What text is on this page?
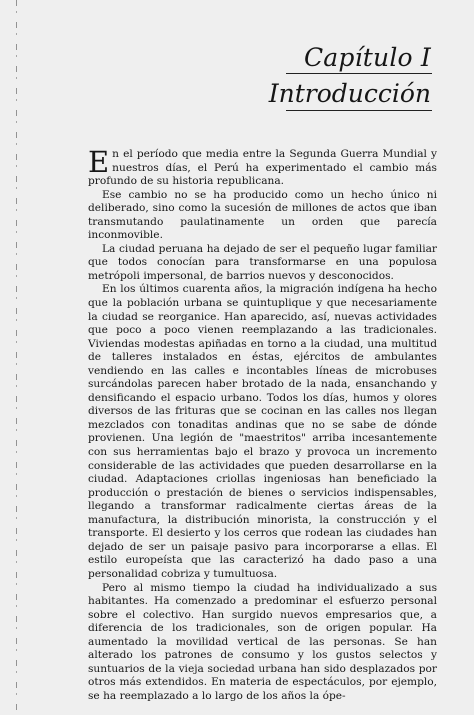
Capítulo I
Introducción

En el período que media entre la Segunda Guerra Mundial y nuestros días, el Perú ha experimentado el cambio más profundo de su historia republicana.

Ese cambio no se ha producido como un hecho único ni deliberado, sino como la sucesión de millones de actos que iban transmutando paulatinamente un orden que parecía inconmovible.

La ciudad peruana ha dejado de ser el pequeño lugar familiar que todos conocían para transformarse en una populosa metrópoli impersonal, de barrios nuevos y desconocidos.

En los últimos cuarenta años, la migración indígena ha hecho que la población urbana se quintuplique y que necesariamente la ciudad se reorganice. Han aparecido, así, nuevas actividades que poco a poco vienen reemplazando a las tradicionales. Viviendas modestas apiñadas en torno a la ciudad, una multitud de talleres instalados en éstas, ejércitos de ambulantes vendiendo en las calles e incontables líneas de microbuses surcándolas parecen haber brotado de la nada, ensanchando y densificando el espacio urbano. Todos los días, humos y olores diversos de las frituras que se cocinan en las calles nos llegan mezclados con tonaditas andinas que no se sabe de dónde provienen. Una legión de "maestritos" arriba incesantemente con sus herramientas bajo el brazo y provoca un incremento considerable de las actividades que pueden desarrollarse en la ciudad. Adaptaciones criollas ingeniosas han beneficiado la producción o prestación de bienes o servicios indispensables, llegando a transformar radicalmente ciertas áreas de la manufactura, la distribución minorista, la construcción y el transporte. El desierto y los cerros que rodean las ciudades han dejado de ser un paisaje pasivo para incorporarse a ellas. El estilo europeísta que las caracterizó ha dado paso a una personalidad cobriza y tumultuosa.

Pero al mismo tiempo la ciudad ha individualizado a sus habitantes. Ha comenzado a predominar el esfuerzo personal sobre el colectivo. Han surgido nuevos empresarios que, a diferencia de los tradicionales, son de origen popular. Ha aumentado la movilidad vertical de las personas. Se han alterado los patrones de consumo y los gustos selectos y suntuarios de la vieja sociedad urbana han sido desplazados por otros más extendidos. En materia de espectáculos, por ejemplo, se ha reemplazado a lo largo de los años la ópe-
